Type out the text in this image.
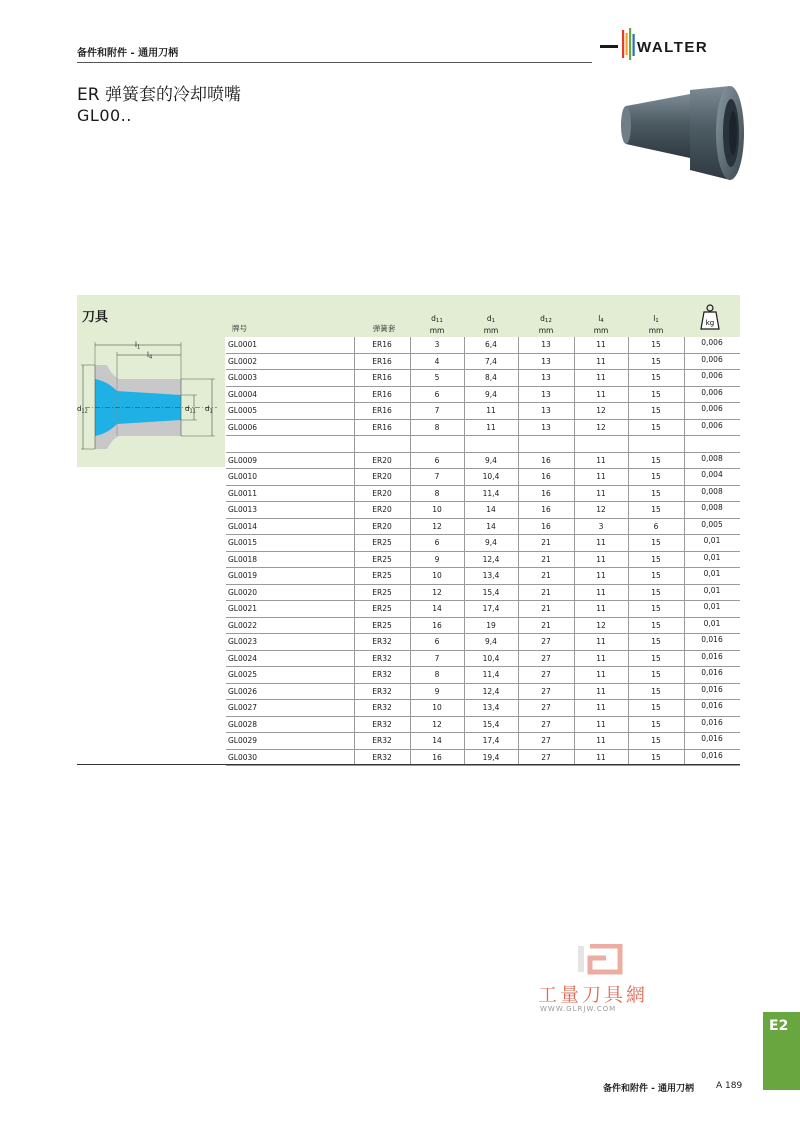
备件和附件 - 通用刀柄	WALTER
ER 弹簧套的冷却喷嘴
GL00..
刀具
牌号	弹簧套
$d_{11}$
mm
$d_1$
mm
$d_{12}$
mm
$l_4$
mm
$l_1$
mm
kg
$l_1$
$l_4$
$d_{12}$	$d_{11}$ $d_1$
GL0001	ER16	3	6,4	13	11	15	0,006
GL0002	ER16	4	7,4	13	11	15	0,006
GL0003	ER16	5	8,4	13	11	15	0,006
GL0004	ER16	6	9,4	13	11	15	0,006
GL0005	ER16	7	11	13	12	15	0,006
GL0006	ER16	8	11	13	12	15	0,006
GL0009	ER20	6	9,4	16	11	15	0,008
GL0010	ER20	7	10,4	16	11	15	0,004
GL0011	ER20	8	11,4	16	11	15	0,008
GL0013	ER20	10	14	16	12	15	0,008
GL0014	ER20	12	14	16	3	6	0,005
GL0015	ER25	6	9,4	21	11	15	0,01
GL0018	ER25	9	12,4	21	11	15	0,01
GL0019	ER25	10	13,4	21	11	15	0,01
GL0020	ER25	12	15,4	21	11	15	0,01
GL0021	ER25	14	17,4	21	11	15	0,01
GL0022	ER25	16	19	21	12	15	0,01
GL0023	ER32	6	9,4	27	11	15	0,016
GL0024	ER32	7	10,4	27	11	15	0,016
GL0025	ER32	8	11,4	27	11	15	0,016
GL0026	ER32	9	12,4	27	11	15	0,016
GL0027	ER32	10	13,4	27	11	15	0,016
GL0028	ER32	12	15,4	27	11	15	0,016
GL0029	ER32	14	17,4	27	11	15	0,016
GL0030	ER32	16	19,4	27	11	15	0,016
工量刀具網
WWW.GLRJW.COM
E2
备件和附件 - 通用刀柄 A 189
